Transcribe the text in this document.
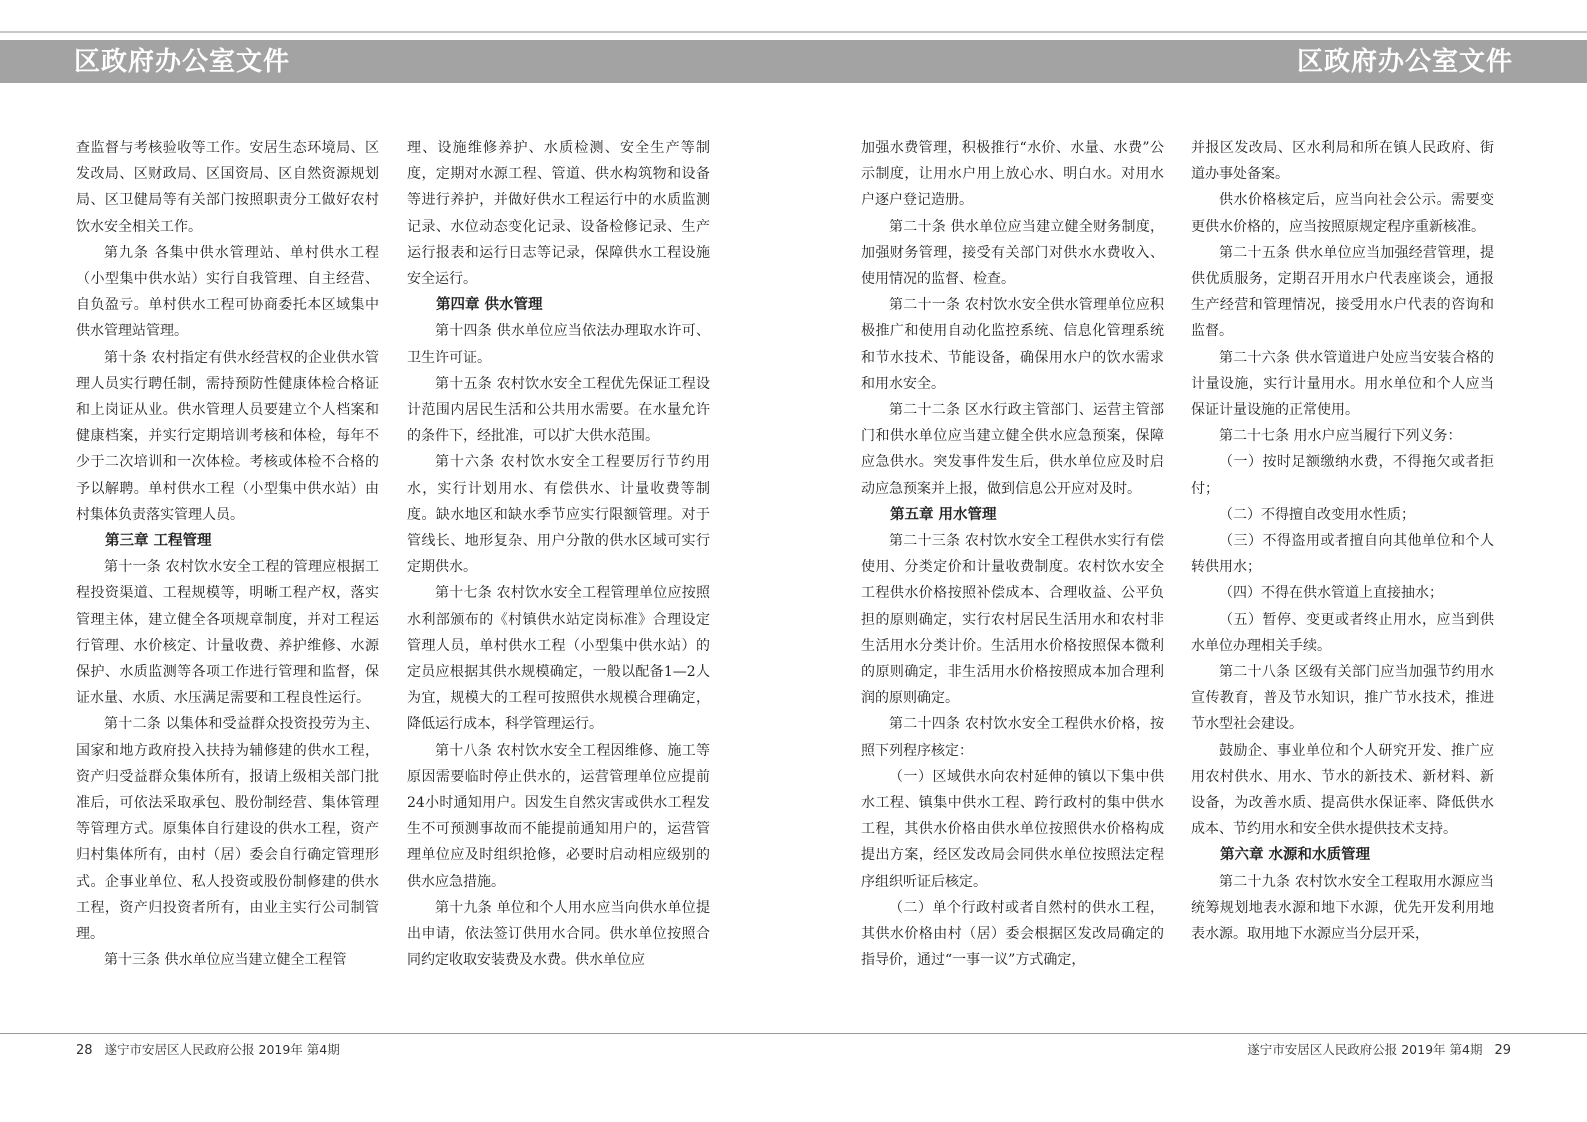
区政府办公室文件	区政府办公室文件

查监督与考核验收等工作。安居生态环境局、区发改局、区财政局、区国资局、区自然资源规划局、区卫健局等有关部门按照职责分工做好农村饮水安全相关工作。

第九条 各集中供水管理站、单村供水工程（小型集中供水站）实行自我管理、自主经营、自负盈亏。单村供水工程可协商委托本区域集中供水管理站管理。

第十条 农村指定有供水经营权的企业供水管理人员实行聘任制，需持预防性健康体检合格证和上岗证从业。供水管理人员要建立个人档案和健康档案，并实行定期培训考核和体检，每年不少于二次培训和一次体检。考核或体检不合格的予以解聘。单村供水工程（小型集中供水站）由村集体负责落实管理人员。

第三章 工程管理

第十一条 农村饮水安全工程的管理应根据工程投资渠道、工程规模等，明晰工程产权，落实管理主体，建立健全各项规章制度，并对工程运行管理、水价核定、计量收费、养护维修、水源保护、水质监测等各项工作进行管理和监督，保证水量、水质、水压满足需要和工程良性运行。

第十二条 以集体和受益群众投资投劳为主、国家和地方政府投入扶持为辅修建的供水工程，资产归受益群众集体所有，报请上级相关部门批准后，可依法采取承包、股份制经营、集体管理等管理方式。原集体自行建设的供水工程，资产归村集体所有，由村（居）委会自行确定管理形式。企事业单位、私人投资或股份制修建的供水工程，资产归投资者所有，由业主实行公司制管理。

第十三条 供水单位应当建立健全工程管

理、设施维修养护、水质检测、安全生产等制度，定期对水源工程、管道、供水构筑物和设备等进行养护，并做好供水工程运行中的水质监测记录、水位动态变化记录、设备检修记录、生产运行报表和运行日志等记录，保障供水工程设施安全运行。

第四章 供水管理

第十四条 供水单位应当依法办理取水许可、卫生许可证。

第十五条 农村饮水安全工程优先保证工程设计范围内居民生活和公共用水需要。在水量允许的条件下，经批准，可以扩大供水范围。

第十六条 农村饮水安全工程要厉行节约用水，实行计划用水、有偿供水、计量收费等制度。缺水地区和缺水季节应实行限额管理。对于管线长、地形复杂、用户分散的供水区域可实行定期供水。

第十七条 农村饮水安全工程管理单位应按照水利部颁布的《村镇供水站定岗标准》合理设定管理人员，单村供水工程（小型集中供水站）的定员应根据其供水规模确定，一般以配备1—2人为宜，规模大的工程可按照供水规模合理确定，降低运行成本，科学管理运行。

第十八条 农村饮水安全工程因维修、施工等原因需要临时停止供水的，运营管理单位应提前24小时通知用户。因发生自然灾害或供水工程发生不可预测事故而不能提前通知用户的，运营管理单位应及时组织抢修，必要时启动相应级别的供水应急措施。

第十九条 单位和个人用水应当向供水单位提出申请，依法签订供用水合同。供水单位按照合同约定收取安装费及水费。供水单位应

加强水费管理，积极推行“水价、水量、水费”公示制度，让用水户用上放心水、明白水。对用水户逐户登记造册。

第二十条 供水单位应当建立健全财务制度，加强财务管理，接受有关部门对供水水费收入、使用情况的监督、检查。

第二十一条 农村饮水安全供水管理单位应积极推广和使用自动化监控系统、信息化管理系统和节水技术、节能设备，确保用水户的饮水需求和用水安全。

第二十二条 区水行政主管部门、运营主管部门和供水单位应当建立健全供水应急预案，保障应急供水。突发事件发生后，供水单位应及时启动应急预案并上报，做到信息公开应对及时。

第五章 用水管理

第二十三条 农村饮水安全工程供水实行有偿使用、分类定价和计量收费制度。农村饮水安全工程供水价格按照补偿成本、合理收益、公平负担的原则确定，实行农村居民生活用水和农村非生活用水分类计价。生活用水价格按照保本微利的原则确定，非生活用水价格按照成本加合理利润的原则确定。

第二十四条 农村饮水安全工程供水价格，按照下列程序核定：

（一）区域供水向农村延伸的镇以下集中供水工程、镇集中供水工程、跨行政村的集中供水工程，其供水价格由供水单位按照供水价格构成提出方案，经区发改局会同供水单位按照法定程序组织听证后核定。

（二）单个行政村或者自然村的供水工程，其供水价格由村（居）委会根据区发改局确定的指导价，通过“一事一议”方式确定，

并报区发改局、区水利局和所在镇人民政府、街道办事处备案。

供水价格核定后，应当向社会公示。需要变更供水价格的，应当按照原规定程序重新核准。

第二十五条 供水单位应当加强经营管理，提供优质服务，定期召开用水户代表座谈会，通报生产经营和管理情况，接受用水户代表的咨询和监督。

第二十六条 供水管道进户处应当安装合格的计量设施，实行计量用水。用水单位和个人应当保证计量设施的正常使用。

第二十七条 用水户应当履行下列义务：

（一）按时足额缴纳水费，不得拖欠或者拒付；

（二）不得擅自改变用水性质；

（三）不得盗用或者擅自向其他单位和个人转供用水；

（四）不得在供水管道上直接抽水；

（五）暂停、变更或者终止用水，应当到供水单位办理相关手续。

第二十八条 区级有关部门应当加强节约用水宣传教育，普及节水知识，推广节水技术，推进节水型社会建设。

鼓励企、事业单位和个人研究开发、推广应用农村供水、用水、节水的新技术、新材料、新设备，为改善水质、提高供水保证率、降低供水成本、节约用水和安全供水提供技术支持。

第六章 水源和水质管理

第二十九条 农村饮水安全工程取用水源应当统筹规划地表水源和地下水源，优先开发利用地表水源。取用地下水源应当分层开采，

28 遂宁市安居区人民政府公报 2019年 第4期	遂宁市安居区人民政府公报 2019年 第4期 29
